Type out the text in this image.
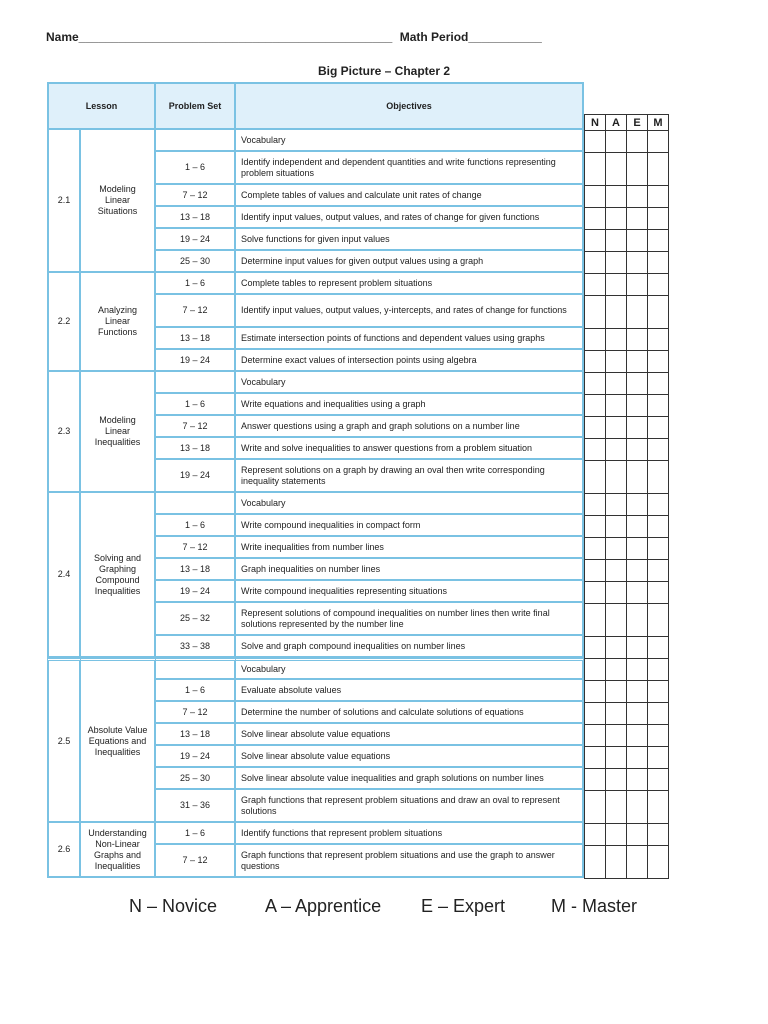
Name_______________________________________________ Math Period___________
Big Picture – Chapter 2
Lesson		Problem Set	Objectives
2.1	Modeling Linear Situations		Vocabulary
		1 – 6	Identify independent and dependent quantities and write functions representing problem situations
		7 – 12	Complete tables of values and calculate unit rates of change
		13 – 18	Identify input values, output values, and rates of change for given functions
		19 – 24	Solve functions for given input values
		25 – 30	Determine input values for given output values using a graph
2.2	Analyzing Linear Functions	1 – 6	Complete tables to represent problem situations
		7 – 12	Identify input values, output values, y-intercepts, and rates of change for functions
		13 – 18	Estimate intersection points of functions and dependent values using graphs
		19 – 24	Determine exact values of intersection points using algebra
2.3	Modeling Linear Inequalities		Vocabulary
		1 – 6	Write equations and inequalities using a graph
		7 – 12	Answer questions using a graph and graph solutions on a number line
		13 – 18	Write and solve inequalities to answer questions from a problem situation
		19 – 24	Represent solutions on a graph by drawing an oval then write corresponding inequality statements
2.4	Solving and Graphing Compound Inequalities		Vocabulary
		1 – 6	Write compound inequalities in compact form
		7 – 12	Write inequalities from number lines
		13 – 18	Graph inequalities on number lines
		19 – 24	Write compound inequalities representing situations
		25 – 32	Represent solutions of compound inequalities on number lines then write final solutions represented by the number line
		33 – 38	Solve and graph compound inequalities on number lines
2.5	Absolute Value Equations and Inequalities		Vocabulary
		1 – 6	Evaluate absolute values
		7 – 12	Determine the number of solutions and calculate solutions of equations
		13 – 18	Solve linear absolute value equations
		19 – 24	Solve linear absolute value equations
		25 – 30	Solve linear absolute value inequalities and graph solutions on number lines
		31 – 36	Graph functions that represent problem situations and draw an oval to represent solutions
2.6	Understanding Non-Linear Graphs and Inequalities	1 – 6	Identify functions that represent problem situations
		7 – 12	Graph functions that represent problem situations and use the graph to answer questions
N	A	E	M

N – Novice	A – Apprentice E – Expert	M - Master
